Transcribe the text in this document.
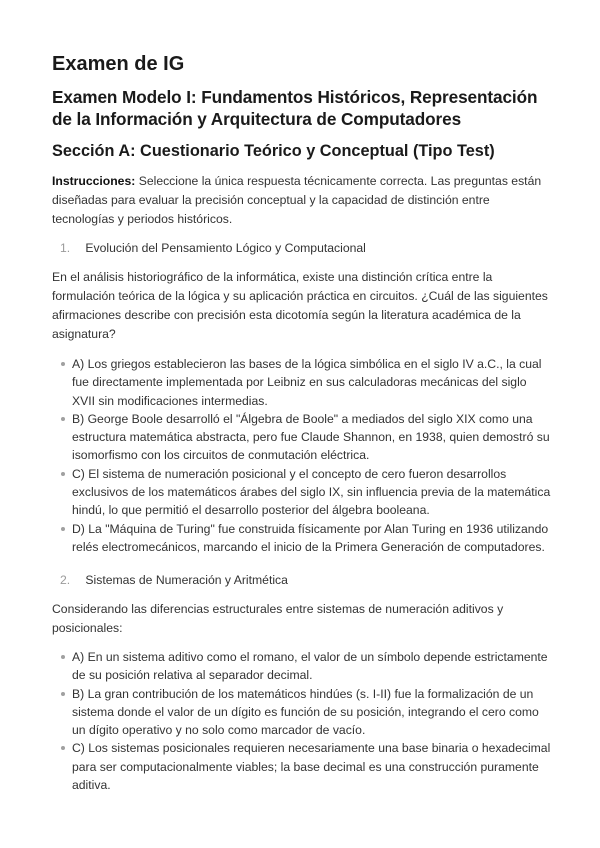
Examen de IG
Examen Modelo I: Fundamentos Históricos, Representación
de la Información y Arquitectura de Computadores
Sección A: Cuestionario Teórico y Conceptual (Tipo Test)

Instrucciones: Seleccione la única respuesta técnicamente correcta. Las preguntas están
diseñadas para evaluar la precisión conceptual y la capacidad de distinción entre
tecnologías y periodos históricos.

1. Evolución del Pensamiento Lógico y Computacional

En el análisis historiográfico de la informática, existe una distinción crítica entre la
formulación teórica de la lógica y su aplicación práctica en circuitos. ¿Cuál de las siguientes
afirmaciones describe con precisión esta dicotomía según la literatura académica de la
asignatura?

A) Los griegos establecieron las bases de la lógica simbólica en el siglo IV a.C., la cual
fue directamente implementada por Leibniz en sus calculadoras mecánicas del siglo
XVII sin modificaciones intermedias.
B) George Boole desarrolló el "Álgebra de Boole" a mediados del siglo XIX como una
estructura matemática abstracta, pero fue Claude Shannon, en 1938, quien demostró su
isomorfismo con los circuitos de conmutación eléctrica.
C) El sistema de numeración posicional y el concepto de cero fueron desarrollos
exclusivos de los matemáticos árabes del siglo IX, sin influencia previa de la matemática
hindú, lo que permitió el desarrollo posterior del álgebra booleana.
D) La "Máquina de Turing" fue construida físicamente por Alan Turing en 1936 utilizando
relés electromecánicos, marcando el inicio de la Primera Generación de computadores.
2. Sistemas de Numeración y Aritmética

Considerando las diferencias estructurales entre sistemas de numeración aditivos y
posicionales:

A) En un sistema aditivo como el romano, el valor de un símbolo depende estrictamente
de su posición relativa al separador decimal.
B) La gran contribución de los matemáticos hindúes (s. I-II) fue la formalización de un
sistema donde el valor de un dígito es función de su posición, integrando el cero como
un dígito operativo y no solo como marcador de vacío.
C) Los sistemas posicionales requieren necesariamente una base binaria o hexadecimal
para ser computacionalmente viables; la base decimal es una construcción puramente
aditiva.
